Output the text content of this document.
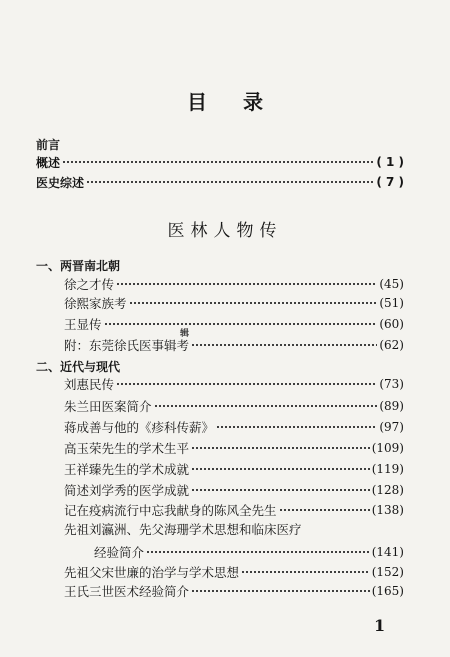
目录
前言
概述	( 1 )
医史综述	( 7 )
医林人物传
一、两晋南北朝
徐之才传	(45)
徐熙家族考	(51)
王显传	(60)
辑
附：东莞徐氏医事辑考	(62)
二、近代与现代
刘惠民传	(73)
朱兰田医案简介	(89)
蒋成善与他的《疹科传薪》	(97)
高玉荣先生的学术生平	(109)
王祥臻先生的学术成就	(119)
简述刘学秀的医学成就	(128)
记在疫病流行中忘我献身的陈风全先生	(138)
先祖刘瀛洲、先父海珊学术思想和临床医疗
经验简介	(141)
先祖父宋世廉的治学与学术思想	(152)
王氏三世医术经验简介	(165)
1
